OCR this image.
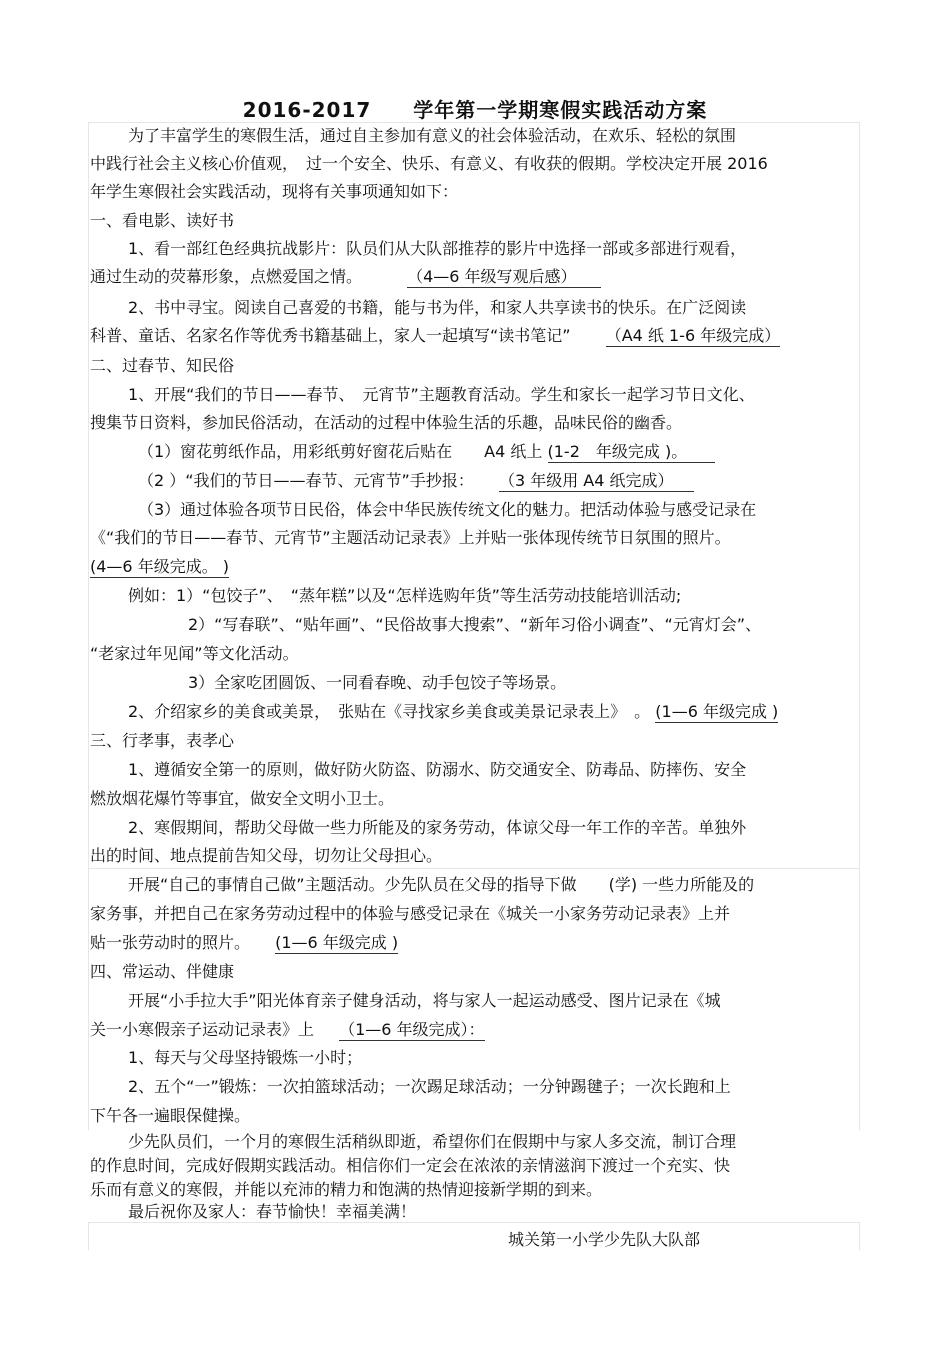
2016-2017　　学年第一学期寒假实践活动方案
为了丰富学生的寒假生活，通过自主参加有意义的社会体验活动，在欢乐、轻松的氛围
中践行社会主义核心价值观，　过一个安全、快乐、有意义、有收获的假期。学校决定开展 2016
年学生寒假社会实践活动，现将有关事项通知如下：
一、看电影、读好书
1、看一部红色经典抗战影片：队员们从大队部推荐的影片中选择一部或多部进行观看，
通过生动的荧幕形象，点燃爱国之情。	（4—6 年级写观后感）
2、书中寻宝。阅读自己喜爱的书籍，能与书为伴，和家人共享读书的快乐。在广泛阅读
科普、童话、名家名作等优秀书籍基础上，家人一起填写“读书笔记” （A4 纸 1-6 年级完成）
二、过春节、知民俗
1、开展“我们的节日——春节、　元宵节”主题教育活动。学生和家长一起学习节日文化、
搜集节日资料，参加民俗活动，在活动的过程中体验生活的乐趣，品味民俗的幽香。
（1）窗花剪纸作品，用彩纸剪好窗花后贴在　　A4 纸上 (1-2　年级完成 )。
（2 ）“我们的节日——春节、元宵节”手抄报： （3 年级用 A4 纸完成）
（3）通过体验各项节日民俗，体会中华民族传统文化的魅力。把活动体验与感受记录在
《“我们的节日——春节、元宵节”主题活动记录表》上并贴一张体现传统节日氛围的照片。
(4—6 年级完成。 )
例如：1）“包饺子”、　“蒸年糕”以及“怎样选购年货”等生活劳动技能培训活动;
2）“写春联”、“贴年画”、“民俗故事大搜索”、“新年习俗小调查”、“元宵灯会”、
“老家过年见闻”等文化活动。
3）全家吃团圆饭、一同看春晚、动手包饺子等场景。
2、介绍家乡的美食或美景，　张贴在《寻找家乡美食或美景记录表上》　。 (1—6 年级完成 )
三、行孝事，表孝心
1、遵循安全第一的原则，做好防火防盗、防溺水、防交通安全、防毒品、防摔伤、安全
燃放烟花爆竹等事宜，做安全文明小卫士。
2、寒假期间，帮助父母做一些力所能及的家务劳动，体谅父母一年工作的辛苦。单独外
出的时间、地点提前告知父母，切勿让父母担心。
开展“自己的事情自己做”主题活动。少先队员在父母的指导下做　　(学) 一些力所能及的
家务事，并把自己在家务劳动过程中的体验与感受记录在《城关一小家务劳动记录表》上并
贴一张劳动时的照片。 (1—6 年级完成 )
四、常运动、伴健康
开展“小手拉大手”阳光体育亲子健身活动，将与家人一起运动感受、图片记录在《城
关一小寒假亲子运动记录表》上 （1—6 年级完成）：
1、每天与父母坚持锻炼一小时；
2、五个“一”锻炼：一次拍篮球活动；一次踢足球活动；一分钟踢毽子；一次长跑和上
下午各一遍眼保健操。
少先队员们，一个月的寒假生活稍纵即逝，希望你们在假期中与家人多交流，制订合理
的作息时间，完成好假期实践活动。相信你们一定会在浓浓的亲情滋润下渡过一个充实、快
乐而有意义的寒假，并能以充沛的精力和饱满的热情迎接新学期的到来。
最后祝你及家人：春节愉快！幸福美满！
城关第一小学少先队大队部
